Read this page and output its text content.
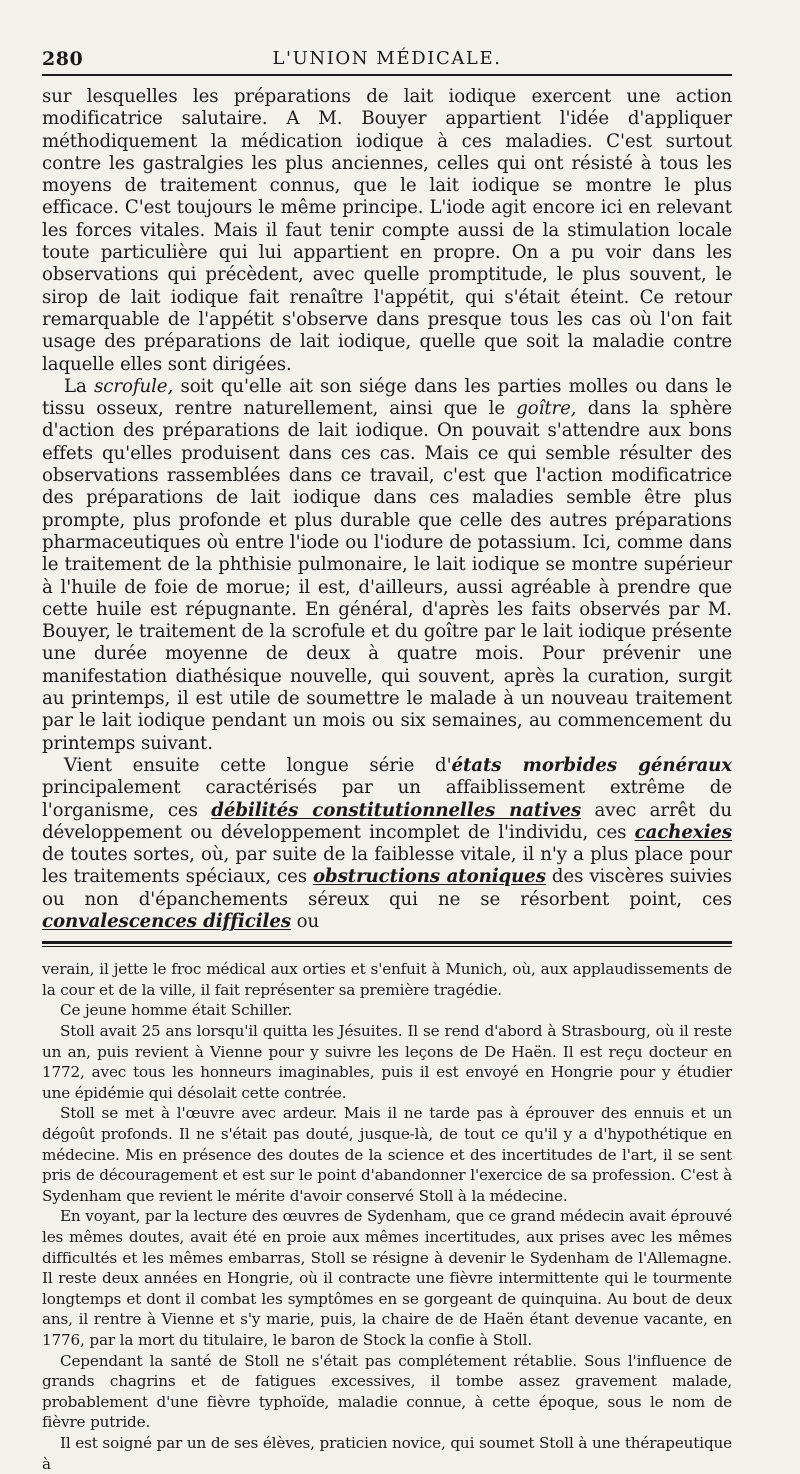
280	L'UNION MÉDICALE.

sur lesquelles les préparations de lait iodique exercent une action modificatrice salutaire. A M. Bouyer appartient l'idée d'appliquer méthodiquement la médication iodique à ces maladies. C'est surtout contre les gastralgies les plus anciennes, celles qui ont résisté à tous les moyens de traitement connus, que le lait iodique se montre le plus efficace. C'est toujours le même principe. L'iode agit encore ici en relevant les forces vitales. Mais il faut tenir compte aussi de la stimulation locale toute particulière qui lui appartient en propre. On a pu voir dans les observations qui précèdent, avec quelle promptitude, le plus souvent, le sirop de lait iodique fait renaître l'appétit, qui s'était éteint. Ce retour remarquable de l'appétit s'observe dans presque tous les cas où l'on fait usage des préparations de lait iodique, quelle que soit la maladie contre laquelle elles sont dirigées.

La scrofule, soit qu'elle ait son siége dans les parties molles ou dans le tissu osseux, rentre naturellement, ainsi que le goître, dans la sphère d'action des préparations de lait iodique. On pouvait s'attendre aux bons effets qu'elles produisent dans ces cas. Mais ce qui semble résulter des observations rassemblées dans ce travail, c'est que l'action modificatrice des préparations de lait iodique dans ces maladies semble être plus prompte, plus profonde et plus durable que celle des autres préparations pharmaceutiques où entre l'iode ou l'iodure de potassium. Ici, comme dans le traitement de la phthisie pulmonaire, le lait iodique se montre supérieur à l'huile de foie de morue; il est, d'ailleurs, aussi agréable à prendre que cette huile est répugnante. En général, d'après les faits observés par M. Bouyer, le traitement de la scrofule et du goître par le lait iodique présente une durée moyenne de deux à quatre mois. Pour prévenir une manifestation diathésique nouvelle, qui souvent, après la curation, surgit au printemps, il est utile de soumettre le malade à un nouveau traitement par le lait iodique pendant un mois ou six semaines, au commencement du printemps suivant.

Vient ensuite cette longue série d'états morbides généraux principalement caractérisés par un affaiblissement extrême de l'organisme, ces débilités constitutionnelles natives avec arrêt du développement ou développement incomplet de l'individu, ces cachexies de toutes sortes, où, par suite de la faiblesse vitale, il n'y a plus place pour les traitements spéciaux, ces obstructions atoniques des viscères suivies ou non d'épanchements séreux qui ne se résorbent point, ces convalescences difficiles ou

verain, il jette le froc médical aux orties et s'enfuit à Munich, où, aux applaudissements de la cour et de la ville, il fait représenter sa première tragédie.

Ce jeune homme était Schiller.

Stoll avait 25 ans lorsqu'il quitta les Jésuites. Il se rend d'abord à Strasbourg, où il reste un an, puis revient à Vienne pour y suivre les leçons de De Haën. Il est reçu docteur en 1772, avec tous les honneurs imaginables, puis il est envoyé en Hongrie pour y étudier une épidémie qui désolait cette contrée.

Stoll se met à l'œuvre avec ardeur. Mais il ne tarde pas à éprouver des ennuis et un dégoût profonds. Il ne s'était pas douté, jusque-là, de tout ce qu'il y a d'hypothétique en médecine. Mis en présence des doutes de la science et des incertitudes de l'art, il se sent pris de découragement et est sur le point d'abandonner l'exercice de sa profession. C'est à Sydenham que revient le mérite d'avoir conservé Stoll à la médecine.

En voyant, par la lecture des œuvres de Sydenham, que ce grand médecin avait éprouvé les mêmes doutes, avait été en proie aux mêmes incertitudes, aux prises avec les mêmes difficultés et les mêmes embarras, Stoll se résigne à devenir le Sydenham de l'Allemagne. Il reste deux années en Hongrie, où il contracte une fièvre intermittente qui le tourmente longtemps et dont il combat les symptômes en se gorgeant de quinquina. Au bout de deux ans, il rentre à Vienne et s'y marie, puis, la chaire de de Haën étant devenue vacante, en 1776, par la mort du titulaire, le baron de Stock la confie à Stoll.

Cependant la santé de Stoll ne s'était pas complétement rétablie. Sous l'influence de grands chagrins et de fatigues excessives, il tombe assez gravement malade, probablement d'une fièvre typhoïde, maladie connue, à cette époque, sous le nom de fièvre putride.

Il est soigné par un de ses élèves, praticien novice, qui soumet Stoll à une thérapeutique à
